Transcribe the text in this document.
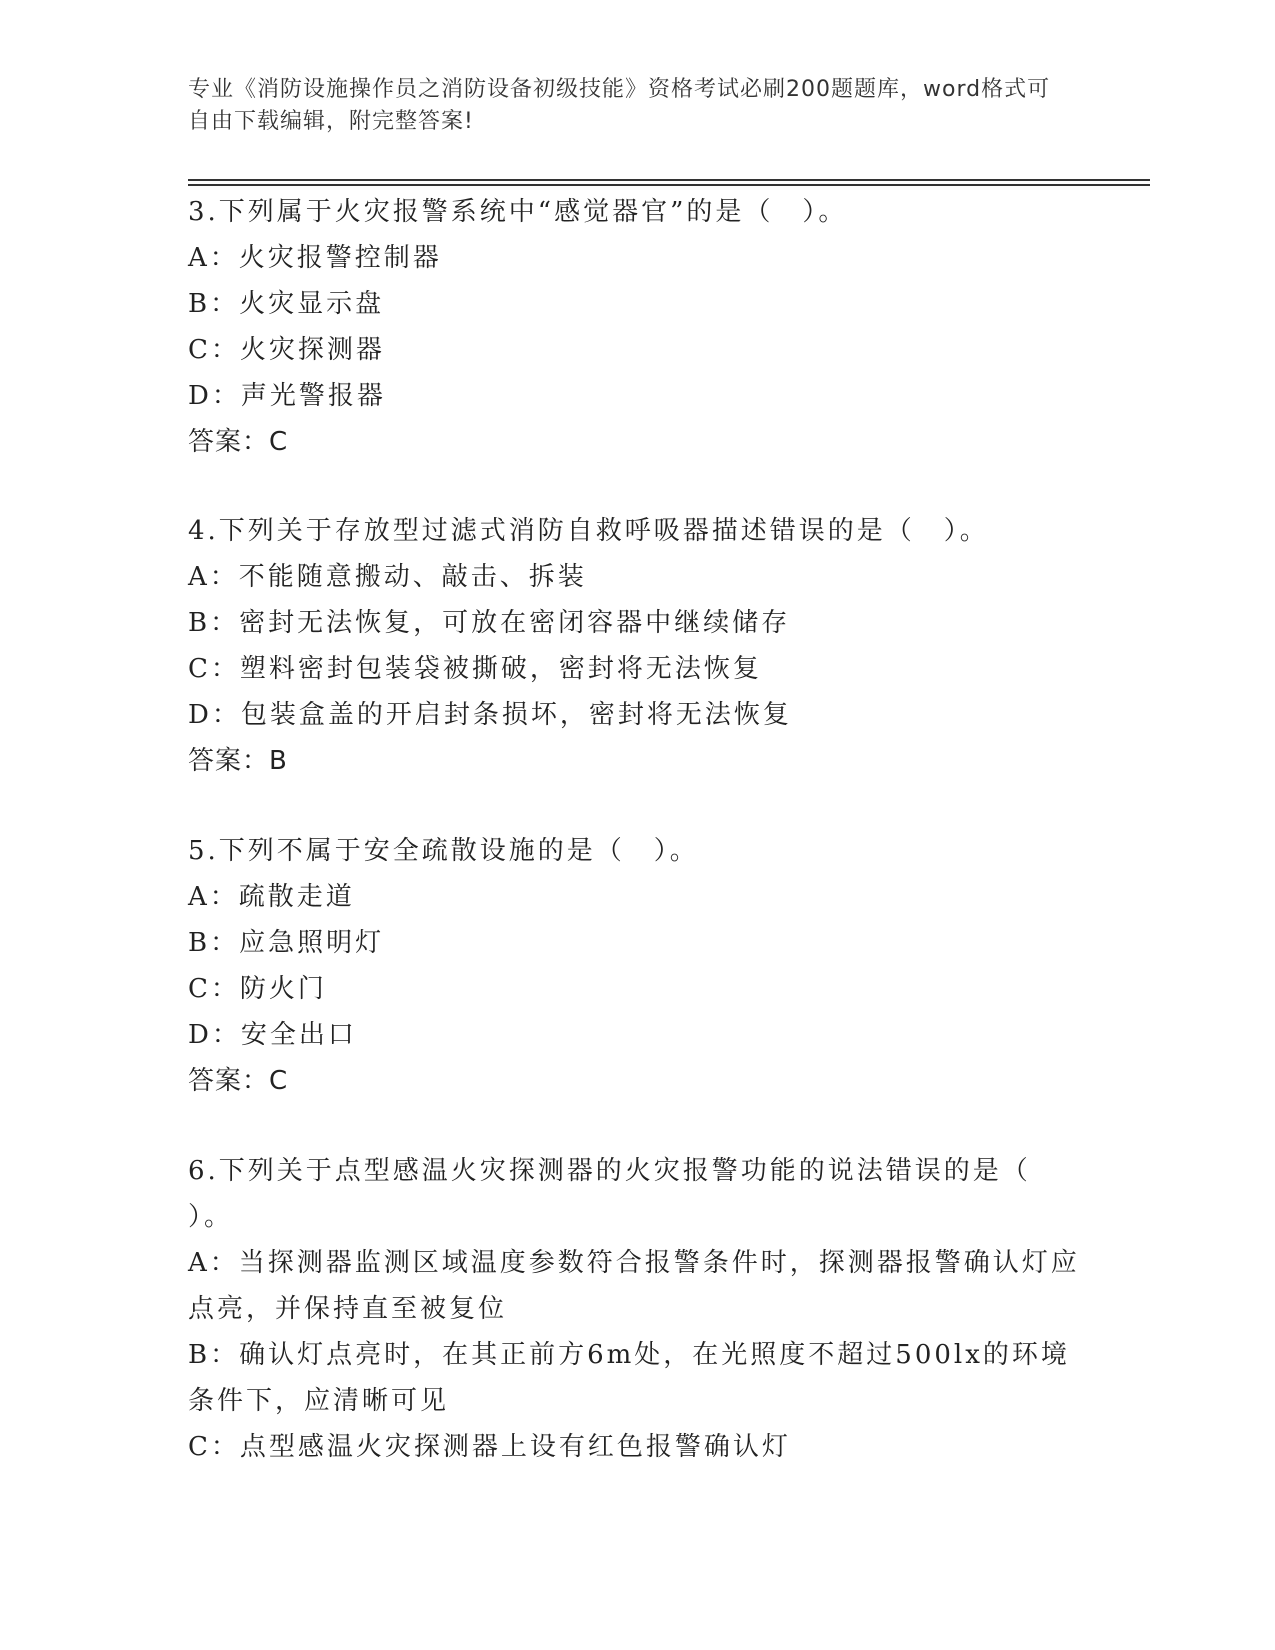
专业《消防设施操作员之消防设备初级技能》资格考试必刷200题题库，word格式可自由下载编辑，附完整答案!
3.下列属于火灾报警系统中“感觉器官”的是（　）。
A：火灾报警控制器
B：火灾显示盘
C：火灾探测器
D：声光警报器
答案：C
4.下列关于存放型过滤式消防自救呼吸器描述错误的是（　）。
A：不能随意搬动、敲击、拆装
B：密封无法恢复，可放在密闭容器中继续储存
C：塑料密封包装袋被撕破，密封将无法恢复
D：包装盒盖的开启封条损坏，密封将无法恢复
答案：B
5.下列不属于安全疏散设施的是（　）。
A：疏散走道
B：应急照明灯
C：防火门
D：安全出口
答案：C
6.下列关于点型感温火灾探测器的火灾报警功能的说法错误的是（
）。
A：当探测器监测区域温度参数符合报警条件时，探测器报警确认灯应
点亮，并保持直至被复位
B：确认灯点亮时，在其正前方6m处，在光照度不超过500lx的环境
条件下，应清晰可见
C：点型感温火灾探测器上设有红色报警确认灯
